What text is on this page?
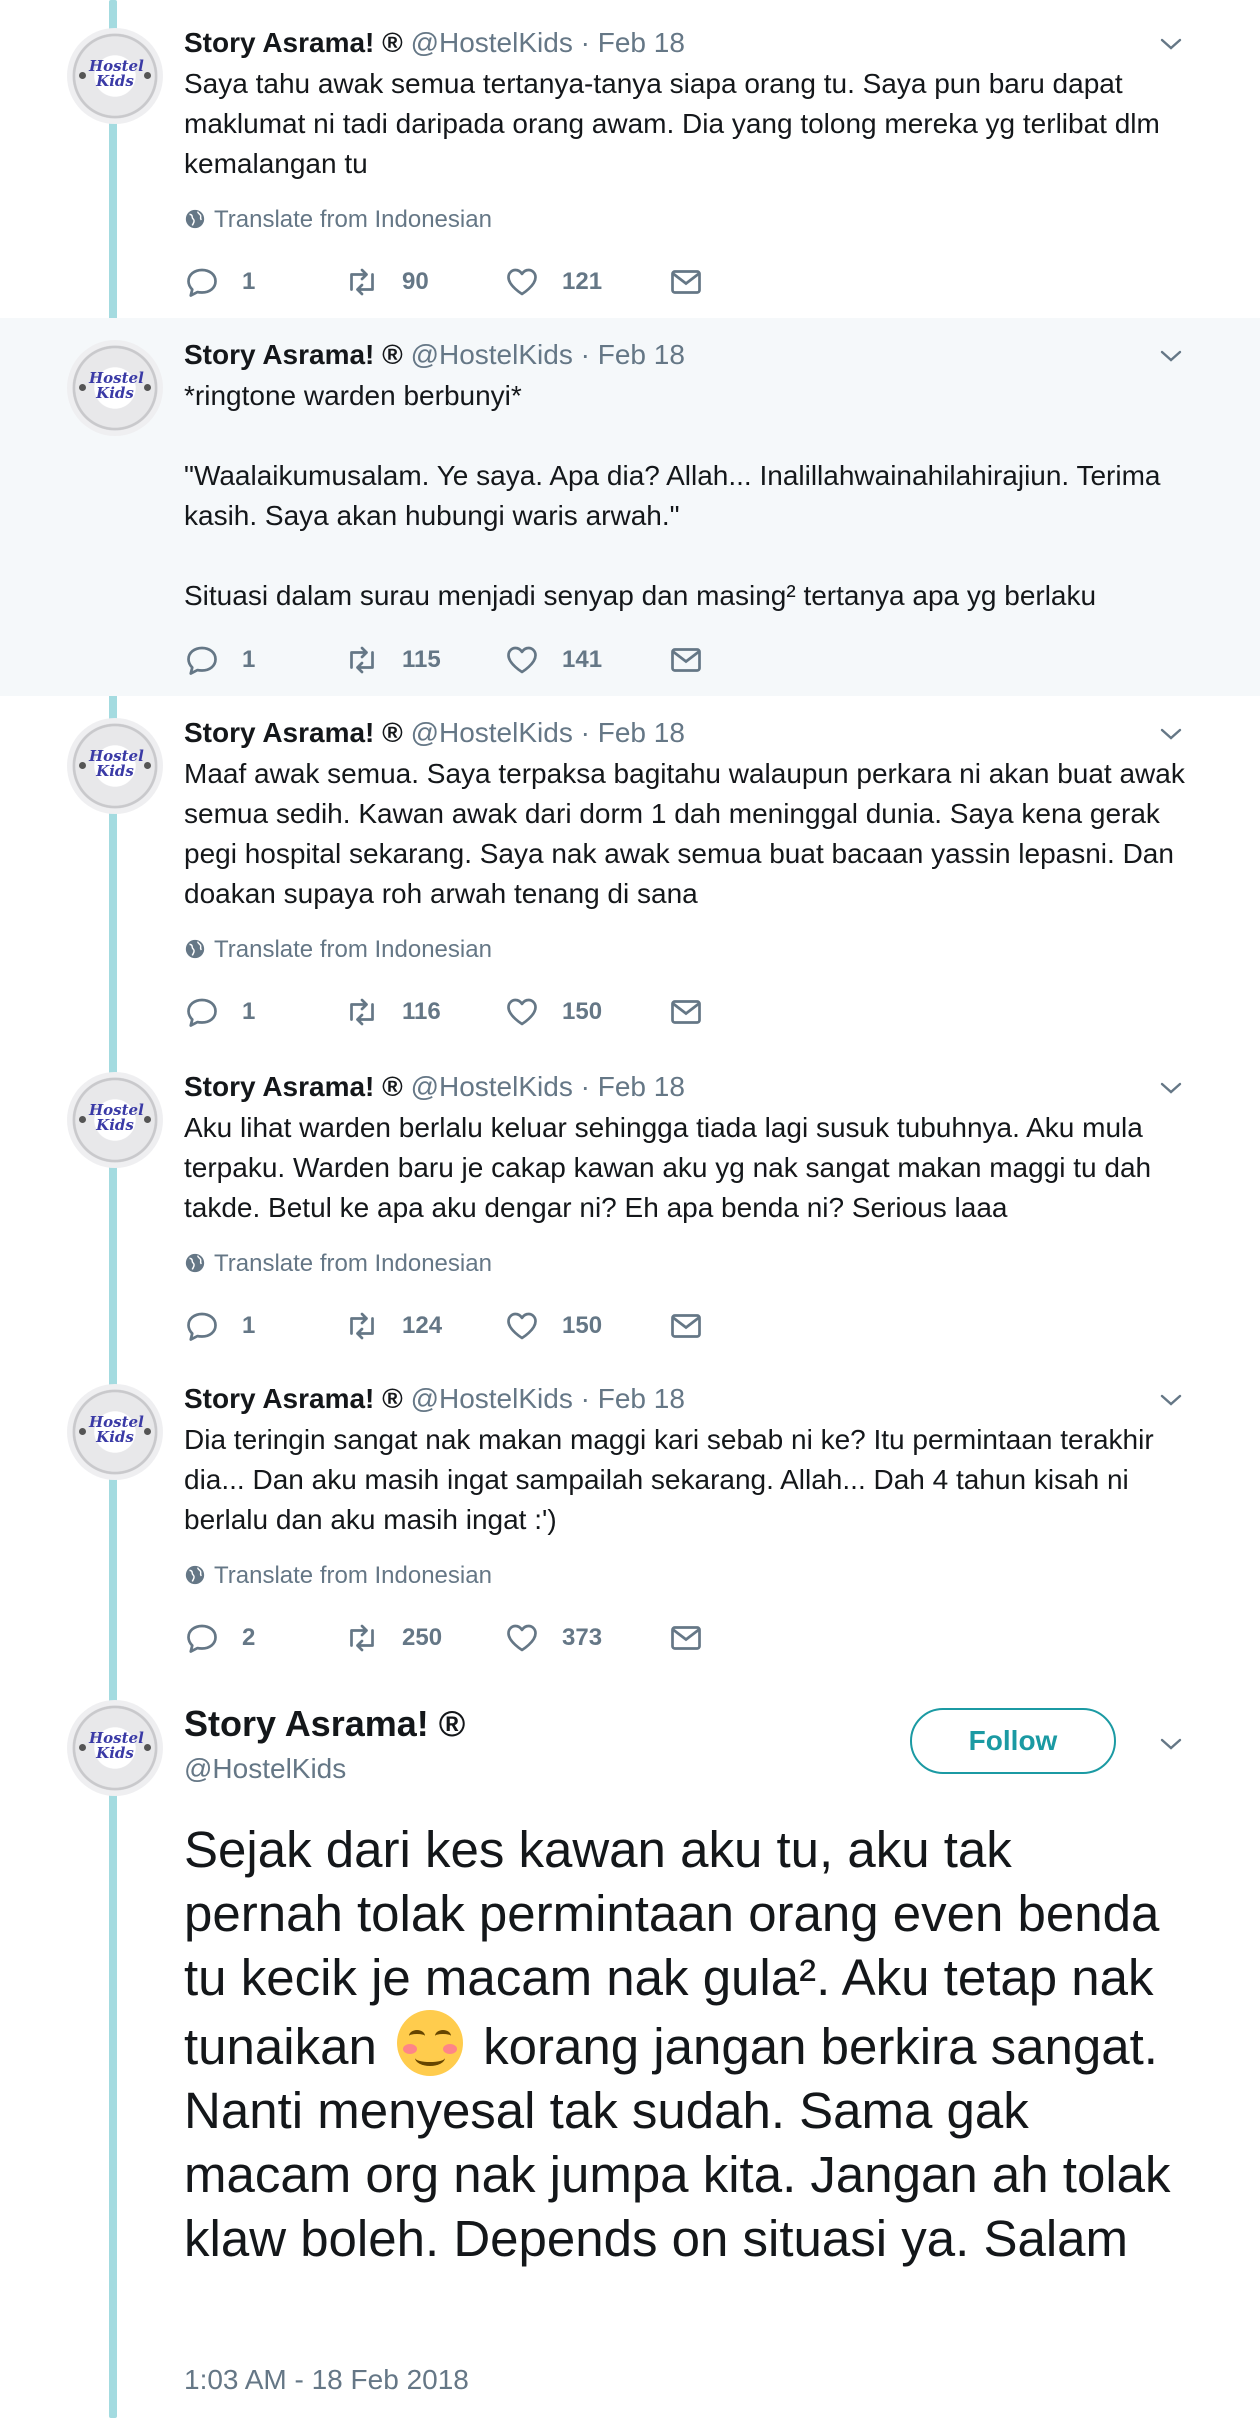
Hostel
Kids
Story Asrama! ® @HostelKids · Feb 18
Saya tahu awak semua tertanya-tanya siapa orang tu. Saya pun baru dapat maklumat ni tadi daripada orang awam. Dia yang tolong mereka yg terlibat dlm kemalangan tu
Translate from Indonesian
1	90	121
Hostel
Kids
Story Asrama! ® @HostelKids · Feb 18
*ringtone warden berbunyi*

"Waalaikumusalam. Ye saya. Apa dia? Allah... Inalillahwainahilahirajiun. Terima kasih. Saya akan hubungi waris arwah."

Situasi dalam surau menjadi senyap dan masing² tertanya apa yg berlaku
1	115	141
Hostel
Kids
Story Asrama! ® @HostelKids · Feb 18
Maaf awak semua. Saya terpaksa bagitahu walaupun perkara ni akan buat awak semua sedih. Kawan awak dari dorm 1 dah meninggal dunia. Saya kena gerak pegi hospital sekarang. Saya nak awak semua buat bacaan yassin lepasni. Dan doakan supaya roh arwah tenang di sana
Translate from Indonesian
1	116	150
Hostel
Kids
Story Asrama! ® @HostelKids · Feb 18
Aku lihat warden berlalu keluar sehingga tiada lagi susuk tubuhnya. Aku mula terpaku. Warden baru je cakap kawan aku yg nak sangat makan maggi tu dah takde. Betul ke apa aku dengar ni? Eh apa benda ni? Serious laaa
Translate from Indonesian
1	124	150
Hostel
Kids
Story Asrama! ® @HostelKids · Feb 18
Dia teringin sangat nak makan maggi kari sebab ni ke? Itu permintaan terakhir dia... Dan aku masih ingat sampailah sekarang. Allah... Dah 4 tahun kisah ni berlalu dan aku masih ingat :')
Translate from Indonesian
2	250	373
Hostel
Kids
Story Asrama! ®
@HostelKids
Follow
Sejak dari kes kawan aku tu, aku tak pernah tolak permintaan orang even benda tu kecik je macam nak gula². Aku tetap nak tunaikan
korang jangan berkira sangat. Nanti menyesal tak sudah. Sama gak macam org nak jumpa kita. Jangan ah tolak klaw boleh. Depends on situasi ya. Salam
1:03 AM - 18 Feb 2018
